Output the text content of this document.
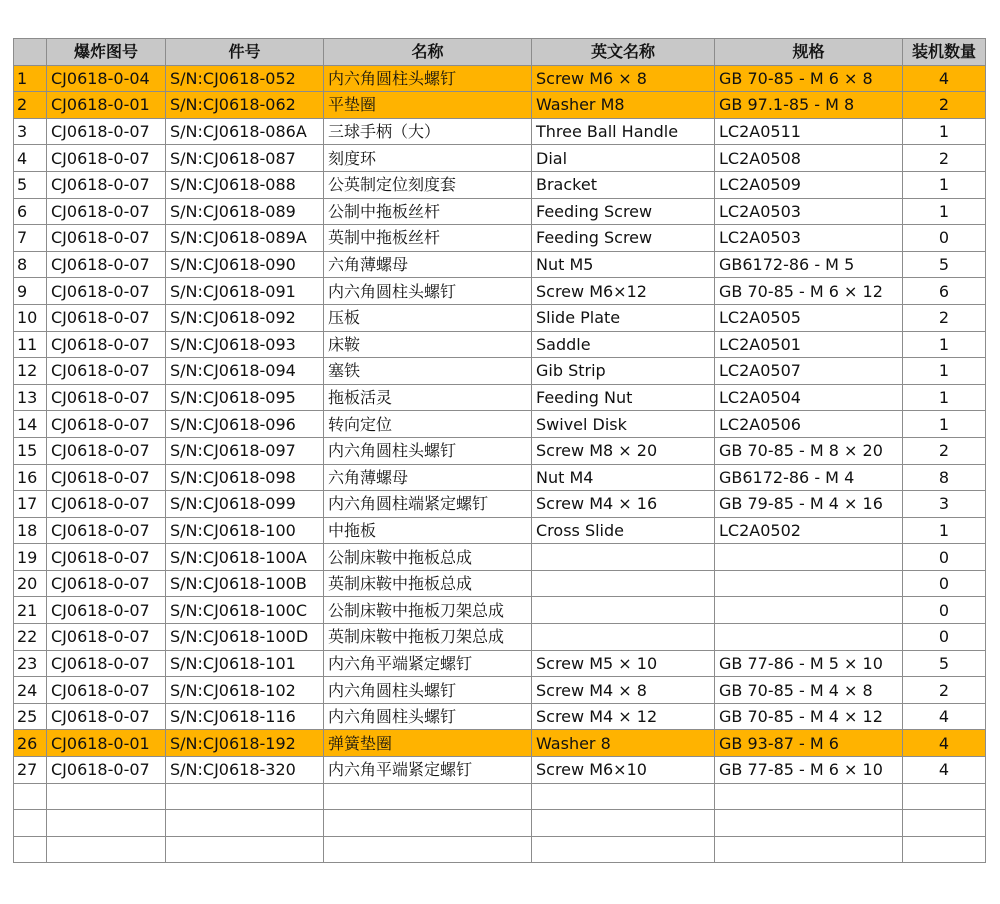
	爆炸图号	件号	名称	英文名称	规格	装机数量
1	CJ0618-0-04	S/N:CJ0618-052	内六角圆柱头螺钉	Screw M6 × 8	GB 70-85 - M 6 × 8	4
2	CJ0618-0-01	S/N:CJ0618-062	平垫圈	Washer M8	GB 97.1-85 - M 8	2
3	CJ0618-0-07	S/N:CJ0618-086A	三球手柄（大）	Three Ball Handle	LC2A0511	1
4	CJ0618-0-07	S/N:CJ0618-087	刻度环	Dial	LC2A0508	2
5	CJ0618-0-07	S/N:CJ0618-088	公英制定位刻度套	Bracket	LC2A0509	1
6	CJ0618-0-07	S/N:CJ0618-089	公制中拖板丝杆	Feeding Screw	LC2A0503	1
7	CJ0618-0-07	S/N:CJ0618-089A	英制中拖板丝杆	Feeding Screw	LC2A0503	0
8	CJ0618-0-07	S/N:CJ0618-090	六角薄螺母	Nut M5	GB6172-86 - M 5	5
9	CJ0618-0-07	S/N:CJ0618-091	内六角圆柱头螺钉	Screw M6×12	GB 70-85 - M 6 × 12	6
10	CJ0618-0-07	S/N:CJ0618-092	压板	Slide Plate	LC2A0505	2
11	CJ0618-0-07	S/N:CJ0618-093	床鞍	Saddle	LC2A0501	1
12	CJ0618-0-07	S/N:CJ0618-094	塞铁	Gib Strip	LC2A0507	1
13	CJ0618-0-07	S/N:CJ0618-095	拖板活灵	Feeding Nut	LC2A0504	1
14	CJ0618-0-07	S/N:CJ0618-096	转向定位	Swivel Disk	LC2A0506	1
15	CJ0618-0-07	S/N:CJ0618-097	内六角圆柱头螺钉	Screw M8 × 20	GB 70-85 - M 8 × 20	2
16	CJ0618-0-07	S/N:CJ0618-098	六角薄螺母	Nut M4	GB6172-86 - M 4	8
17	CJ0618-0-07	S/N:CJ0618-099	内六角圆柱端紧定螺钉	Screw M4 × 16	GB 79-85 - M 4 × 16	3
18	CJ0618-0-07	S/N:CJ0618-100	中拖板	Cross Slide	LC2A0502	1
19	CJ0618-0-07	S/N:CJ0618-100A	公制床鞍中拖板总成			0
20	CJ0618-0-07	S/N:CJ0618-100B	英制床鞍中拖板总成			0
21	CJ0618-0-07	S/N:CJ0618-100C	公制床鞍中拖板刀架总成			0
22	CJ0618-0-07	S/N:CJ0618-100D	英制床鞍中拖板刀架总成			0
23	CJ0618-0-07	S/N:CJ0618-101	内六角平端紧定螺钉	Screw M5 × 10	GB 77-86 - M 5 × 10	5
24	CJ0618-0-07	S/N:CJ0618-102	内六角圆柱头螺钉	Screw M4 × 8	GB 70-85 - M 4 × 8	2
25	CJ0618-0-07	S/N:CJ0618-116	内六角圆柱头螺钉	Screw M4 × 12	GB 70-85 - M 4 × 12	4
26	CJ0618-0-01	S/N:CJ0618-192	弹簧垫圈	Washer 8	GB 93-87 - M 6	4
27	CJ0618-0-07	S/N:CJ0618-320	内六角平端紧定螺钉	Screw M6×10	GB 77-85 - M 6 × 10	4
